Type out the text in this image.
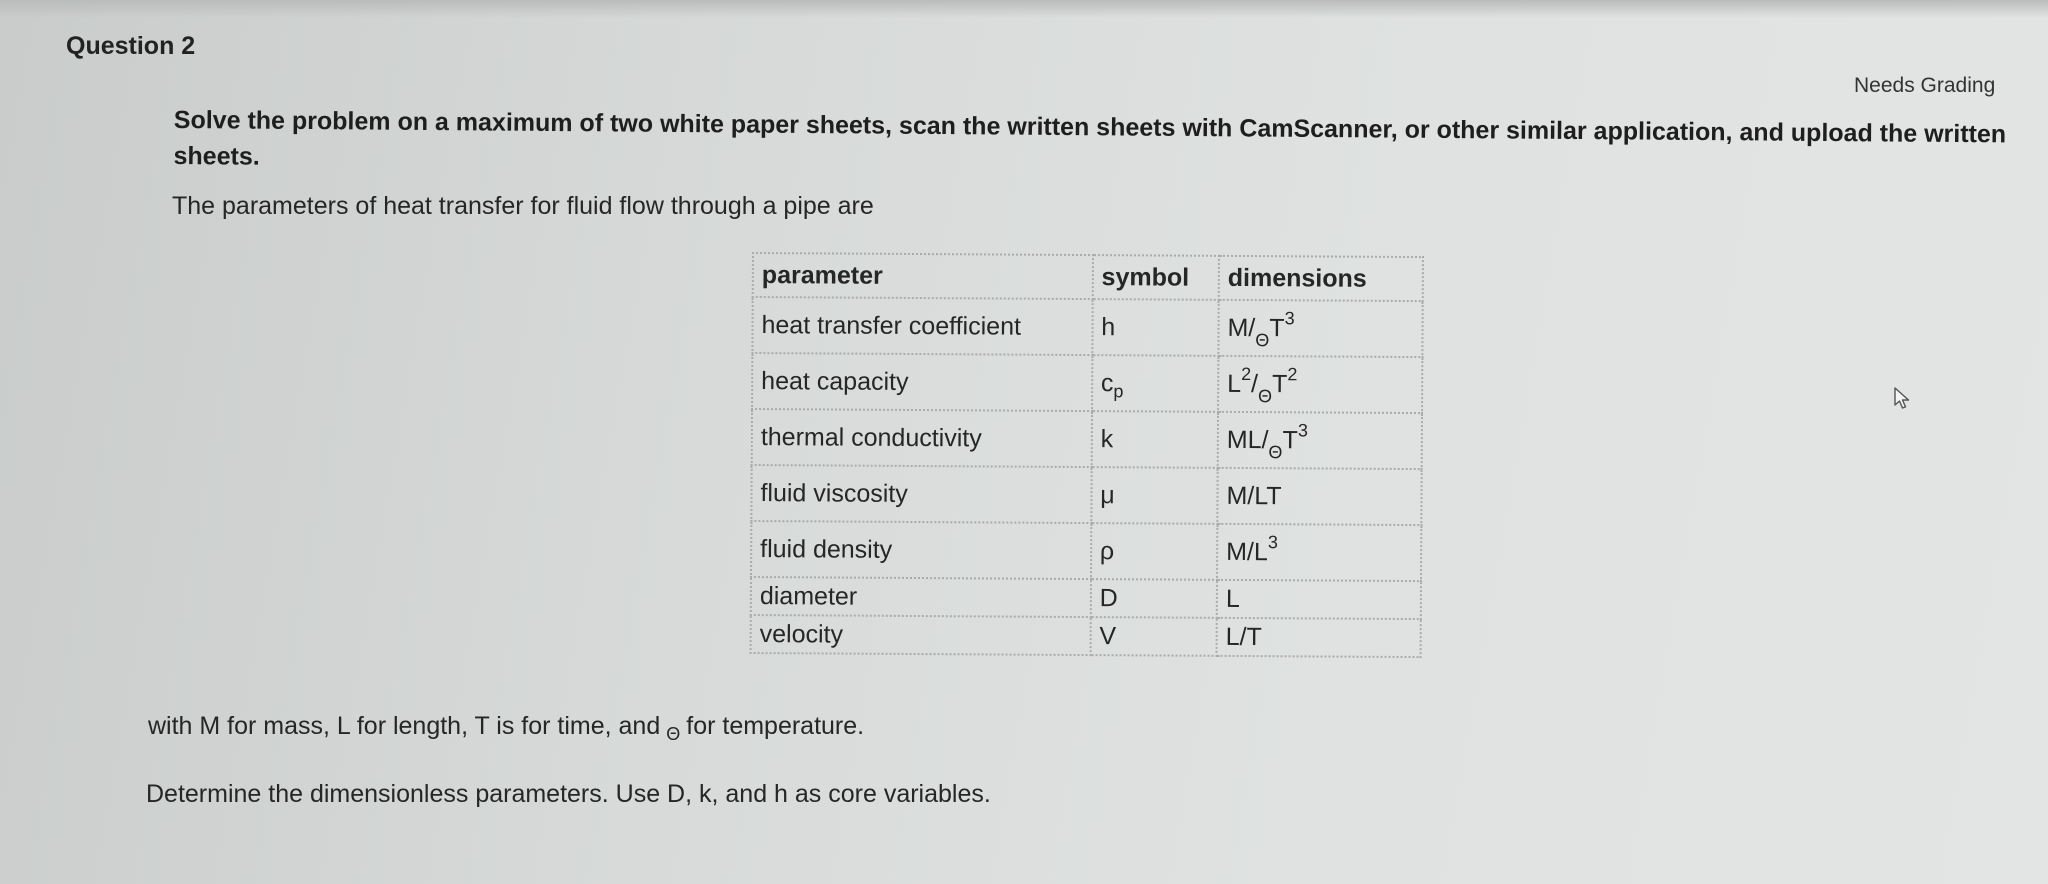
Question 2
Needs Grading
Solve the problem on a maximum of two white paper sheets, scan the written sheets with CamScanner, or other similar application, and upload the written sheets.
The parameters of heat transfer for fluid flow through a pipe are
parameter	symbol	dimensions
heat transfer coefficient	h	$M/_\Theta T^3$
heat capacity	$c_p$	$L^2/_\Theta T^2$
thermal conductivity	k	$ML/_\Theta T^3$
fluid viscosity	μ	M/LT
fluid density	ρ	$M/L^3$
diameter	D	L
velocity	V	L/T
with M for mass, L for length, T is for time, and $_\Theta$ for temperature.
Determine the dimensionless parameters. Use D, k, and h as core variables.
